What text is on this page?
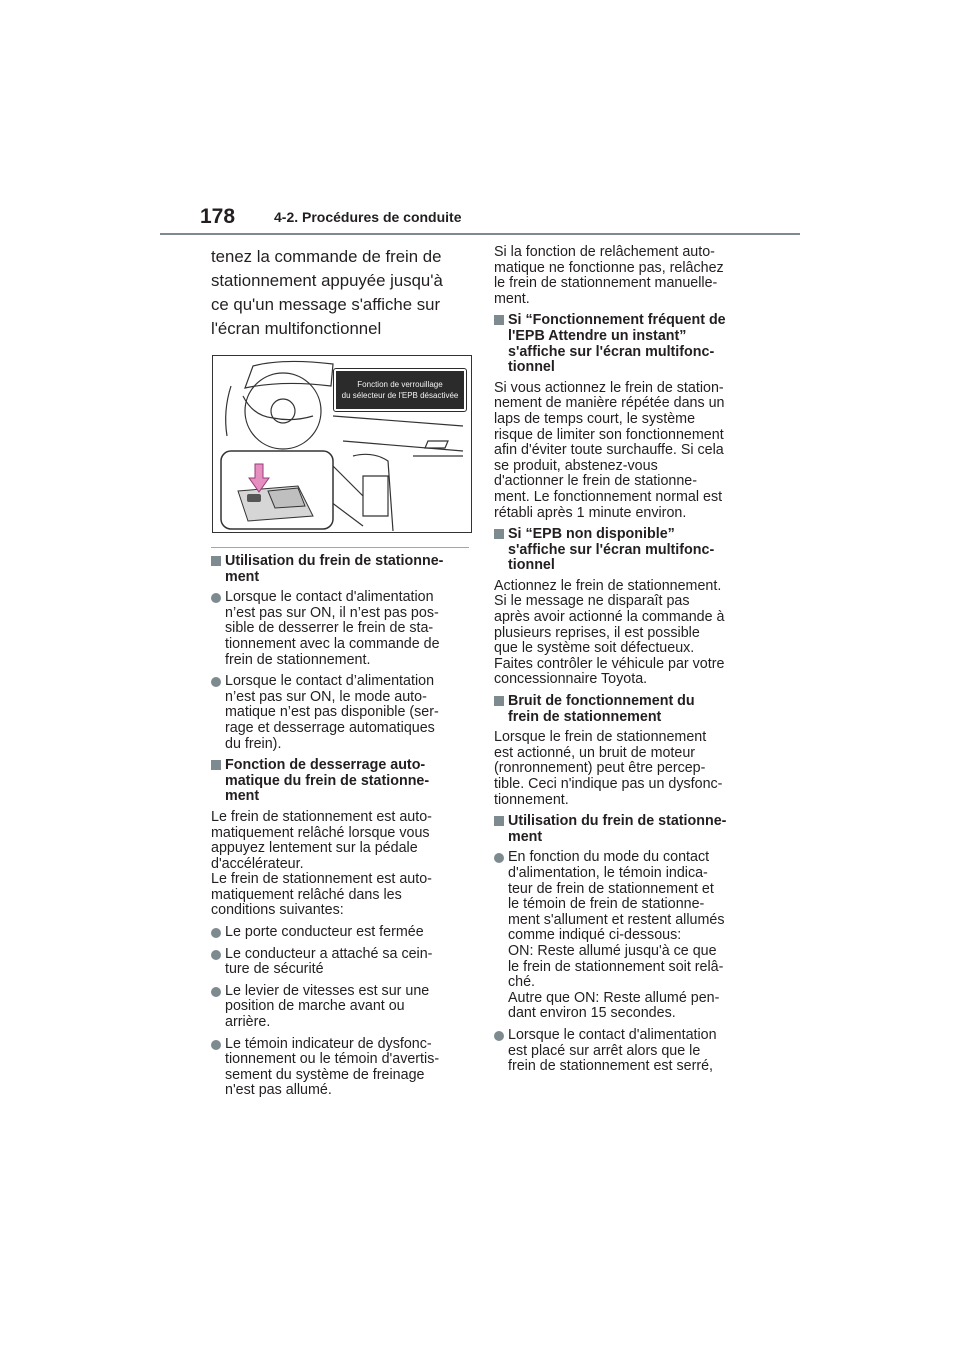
178	4-2. Procédures de conduite
tenez la commande de frein de
stationnement appuyée jusqu'à
ce qu'un message s'affiche sur
l'écran multifonctionnel
Fonction de verrouillage
du sélecteur de l'EPB désactivée
Utilisation du frein de stationne-
ment
Lorsque le contact d'alimentation
n’est pas sur ON, il n’est pas pos-
sible de desserrer le frein de sta-
tionnement avec la commande de
frein de stationnement.
Lorsque le contact d’alimentation
n’est pas sur ON, le mode auto-
matique n’est pas disponible (ser-
rage et desserrage automatiques
du frein).
Fonction de desserrage auto-
matique du frein de stationne-
ment
Le frein de stationnement est auto-
matiquement relâché lorsque vous
appuyez lentement sur la pédale
d'accélérateur.
Le frein de stationnement est auto-
matiquement relâché dans les
conditions suivantes:
Le porte conducteur est fermée
Le conducteur a attaché sa cein-
ture de sécurité
Le levier de vitesses est sur une
position de marche avant ou
arrière.
Le témoin indicateur de dysfonc-
tionnement ou le témoin d'avertis-
sement du système de freinage
n'est pas allumé.
Si la fonction de relâchement auto-
matique ne fonctionne pas, relâchez
le frein de stationnement manuelle-
ment.
Si “Fonctionnement fréquent de
l'EPB Attendre un instant”
s'affiche sur l'écran multifonc-
tionnel
Si vous actionnez le frein de station-
nement de manière répétée dans un
laps de temps court, le système
risque de limiter son fonctionnement
afin d'éviter toute surchauffe. Si cela
se produit, abstenez-vous
d'actionner le frein de stationne-
ment. Le fonctionnement normal est
rétabli après 1 minute environ.
Si “EPB non disponible”
s'affiche sur l'écran multifonc-
tionnel
Actionnez le frein de stationnement.
Si le message ne disparaît pas
après avoir actionné la commande à
plusieurs reprises, il est possible
que le système soit défectueux.
Faites contrôler le véhicule par votre
concessionnaire Toyota.
Bruit de fonctionnement du
frein de stationnement
Lorsque le frein de stationnement
est actionné, un bruit de moteur
(ronronnement) peut être percep-
tible. Ceci n'indique pas un dysfonc-
tionnement.
Utilisation du frein de stationne-
ment
En fonction du mode du contact
d'alimentation, le témoin indica-
teur de frein de stationnement et
le témoin de frein de stationne-
ment s'allument et restent allumés
comme indiqué ci-dessous:
ON: Reste allumé jusqu'à ce que
le frein de stationnement soit relâ-
ché.
Autre que ON: Reste allumé pen-
dant environ 15 secondes.
Lorsque le contact d'alimentation
est placé sur arrêt alors que le
frein de stationnement est serré,
